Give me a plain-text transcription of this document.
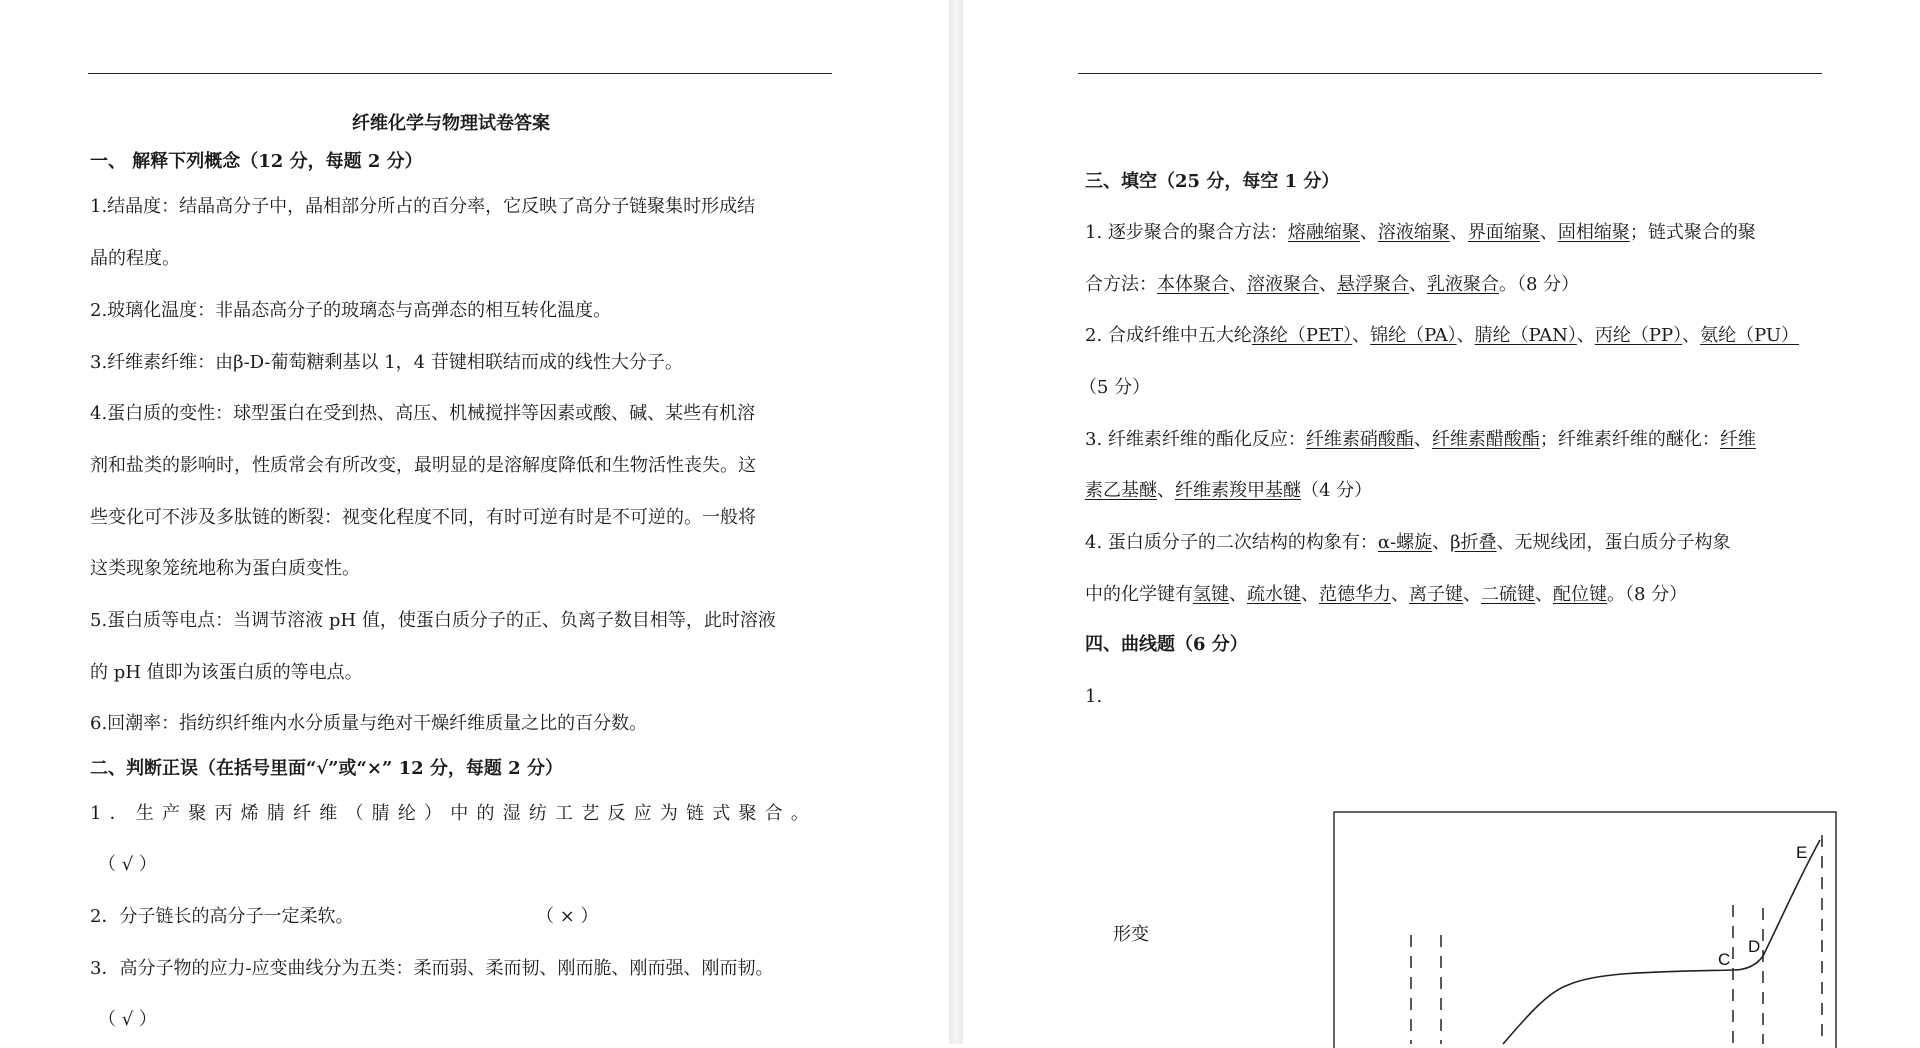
纤维化学与物理试卷答案
一、 解释下列概念（12 分，每题 2 分）
1.结晶度：结晶高分子中，晶相部分所占的百分率，它反映了高分子链聚集时形成结
晶的程度。
2.玻璃化温度：非晶态高分子的玻璃态与高弹态的相互转化温度。
3.纤维素纤维：由β-D-葡萄糖剩基以 1，4 苷键相联结而成的线性大分子。
4.蛋白质的变性：球型蛋白在受到热、高压、机械搅拌等因素或酸、碱、某些有机溶
剂和盐类的影响时，性质常会有所改变，最明显的是溶解度降低和生物活性丧失。这
些变化可不涉及多肽链的断裂：视变化程度不同，有时可逆有时是不可逆的。一般将
这类现象笼统地称为蛋白质变性。
5.蛋白质等电点：当调节溶液 pH 值，使蛋白质分子的正、负离子数目相等，此时溶液
的 pH 值即为该蛋白质的等电点。
6.回潮率：指纺织纤维内水分质量与绝对干燥纤维质量之比的百分数。
二、判断正误（在括号里面“√”或“×” 12 分，每题 2 分）
1．生产聚丙烯腈纤维（腈纶）中的湿纺工艺反应为链式聚合。
（ √ ）
2．分子链长的高分子一定柔软。	（ × ）
3．高分子物的应力-应变曲线分为五类：柔而弱、柔而韧、刚而脆、刚而强、刚而韧。
（ √ ）
三、填空（25 分，每空 1 分）
1. 逐步聚合的聚合方法：熔融缩聚、溶液缩聚、界面缩聚、固相缩聚；链式聚合的聚
合方法：本体聚合、溶液聚合、悬浮聚合、乳液聚合。（8 分）
2. 合成纤维中五大纶涤纶（PET）、锦纶（PA）、腈纶（PAN）、丙纶（PP）、氨纶（PU）
（5 分）
3. 纤维素纤维的酯化反应：纤维素硝酸酯、纤维素醋酸酯；纤维素纤维的醚化：纤维
素乙基醚、纤维素羧甲基醚（4 分）
4. 蛋白质分子的二次结构的构象有：α-螺旋、β折叠、无规线团，蛋白质分子构象
中的化学键有氢键、疏水键、范德华力、离子键、二硫键、配位键。（8 分）
四、曲线题（6 分）
1.
形变
C
D
E
